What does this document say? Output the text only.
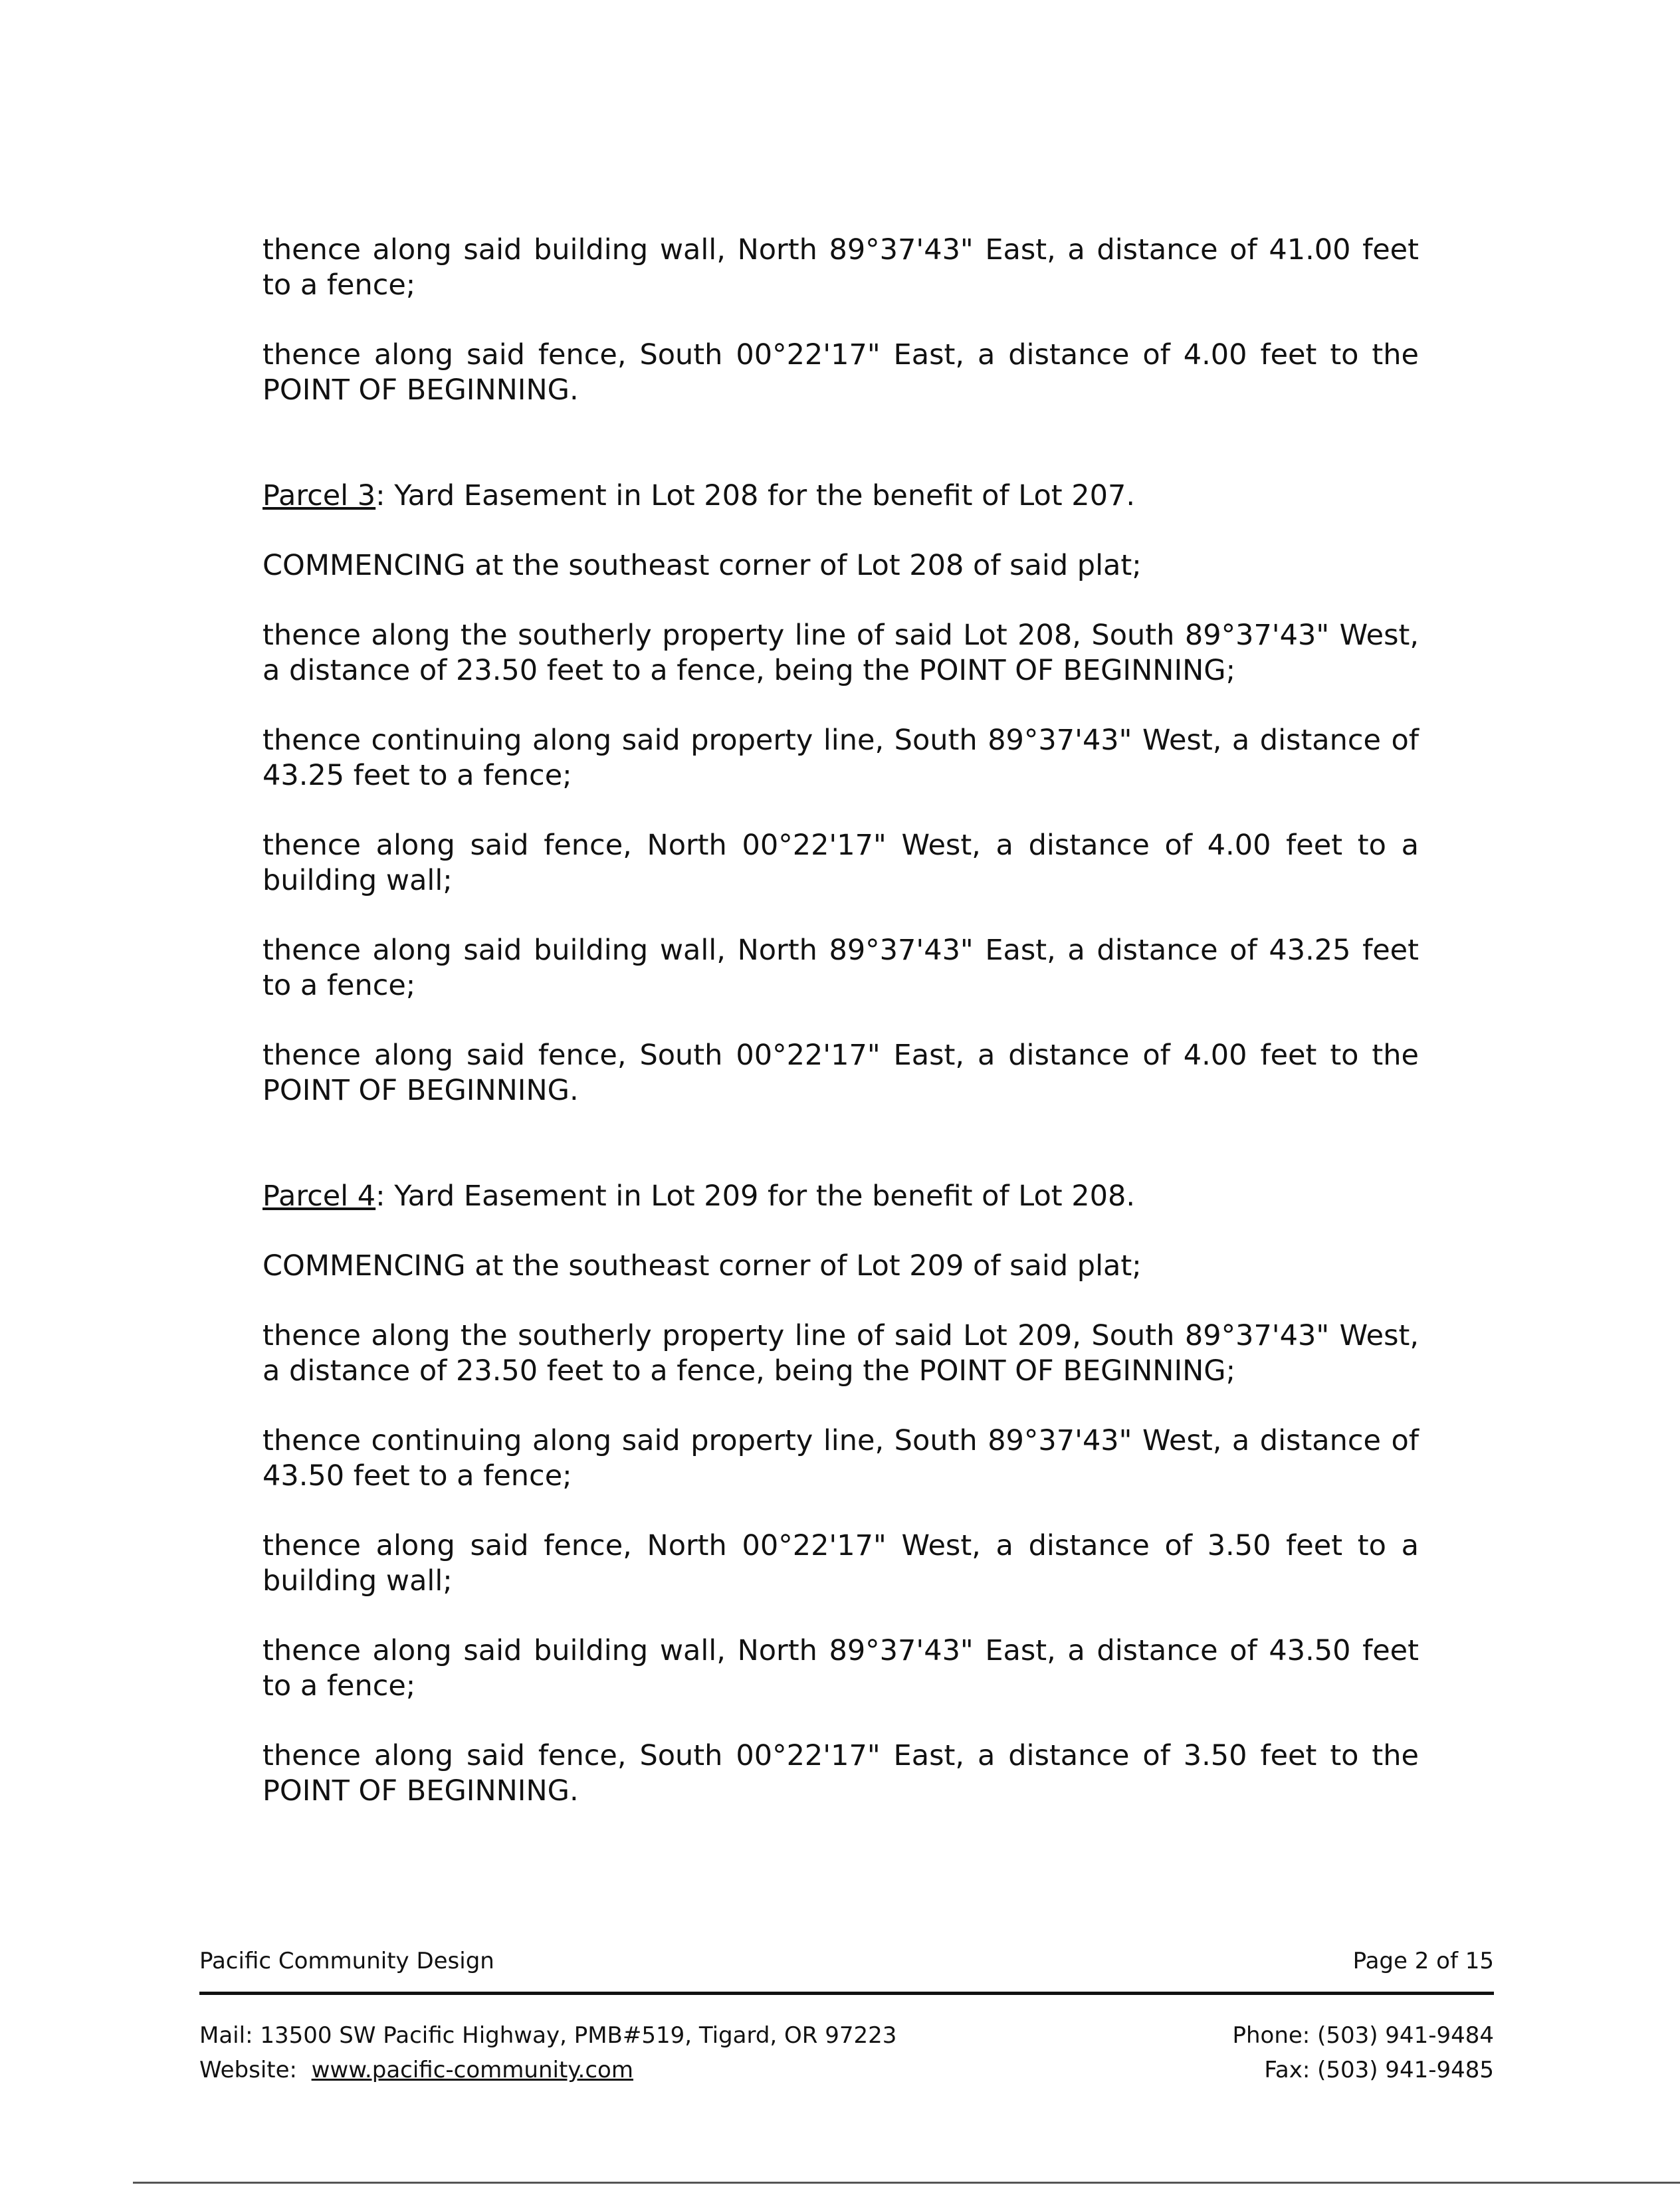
thence along said building wall, North 89°37'43" East, a distance of 41.00 feet to a fence;

thence along said fence, South 00°22'17" East, a distance of 4.00 feet to the POINT OF BEGINNING.

Parcel 3: Yard Easement in Lot 208 for the benefit of Lot 207.

COMMENCING at the southeast corner of Lot 208 of said plat;

thence along the southerly property line of said Lot 208, South 89°37'43" West, a distance of 23.50 feet to a fence, being the POINT OF BEGINNING;

thence continuing along said property line, South 89°37'43" West, a distance of 43.25 feet to a fence;

thence along said fence, North 00°22'17" West, a distance of 4.00 feet to a building wall;

thence along said building wall, North 89°37'43" East, a distance of 43.25 feet to a fence;

thence along said fence, South 00°22'17" East, a distance of 4.00 feet to the POINT OF BEGINNING.

Parcel 4: Yard Easement in Lot 209 for the benefit of Lot 208.

COMMENCING at the southeast corner of Lot 209 of said plat;

thence along the southerly property line of said Lot 209, South 89°37'43" West, a distance of 23.50 feet to a fence, being the POINT OF BEGINNING;

thence continuing along said property line, South 89°37'43" West, a distance of 43.50 feet to a fence;

thence along said fence, North 00°22'17" West, a distance of 3.50 feet to a building wall;

thence along said building wall, North 89°37'43" East, a distance of 43.50 feet to a fence;

thence along said fence, South 00°22'17" East, a distance of 3.50 feet to the POINT OF BEGINNING.

Pacific Community Design	Page 2 of 15
Mail: 13500 SW Pacific Highway, PMB#519, Tigard, OR 97223
Website: www.pacific-community.com
Phone: (503) 941-9484
Fax: (503) 941-9485
